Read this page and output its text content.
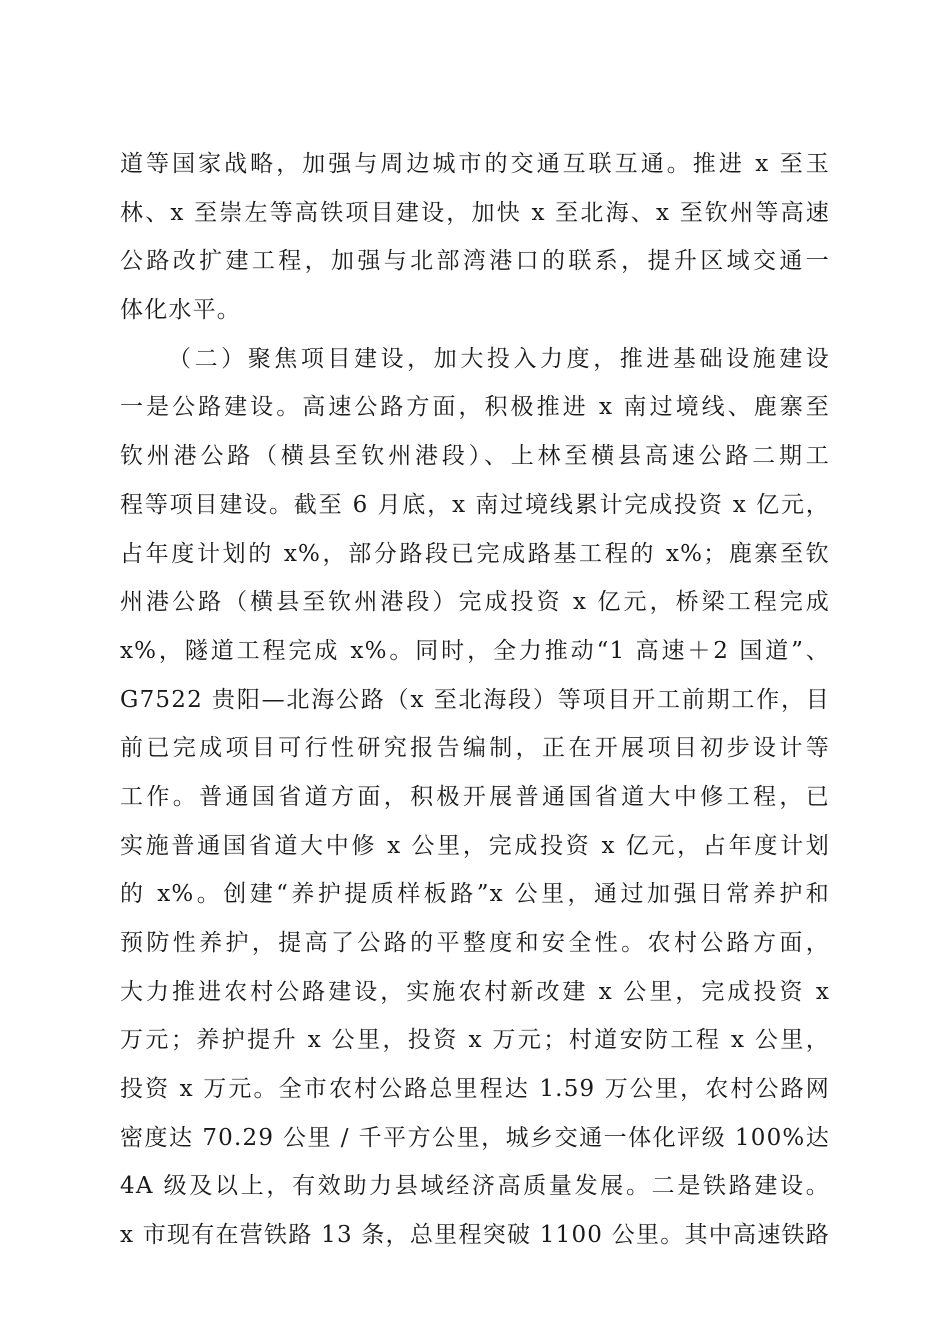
道等国家战略，加强与周边城市的交通互联互通。推进 x 至玉
林、x 至崇左等高铁项目建设，加快 x 至北海、x 至钦州等高速
公路改扩建工程，加强与北部湾港口的联系，提升区域交通一
体化水平。
（二）聚焦项目建设，加大投入力度，推进基础设施建设
一是公路建设。高速公路方面，积极推进 x 南过境线、鹿寨至
钦州港公路（横县至钦州港段）、上林至横县高速公路二期工
程等项目建设。截至 6 月底，x 南过境线累计完成投资 x 亿元，
占年度计划的 x%，部分路段已完成路基工程的 x%；鹿寨至钦
州港公路（横县至钦州港段）完成投资 x 亿元，桥梁工程完成
x%，隧道工程完成 x%。同时，全力推动“1 高速＋2 国道”、
G7522 贵阳—北海公路（x 至北海段）等项目开工前期工作，目
前已完成项目可行性研究报告编制，正在开展项目初步设计等
工作。普通国省道方面，积极开展普通国省道大中修工程，已
实施普通国省道大中修 x 公里，完成投资 x 亿元，占年度计划
的 x%。创建“养护提质样板路”x 公里，通过加强日常养护和
预防性养护，提高了公路的平整度和安全性。农村公路方面，
大力推进农村公路建设，实施农村新改建 x 公里，完成投资 x
万元；养护提升 x 公里，投资 x 万元；村道安防工程 x 公里，
投资 x 万元。全市农村公路总里程达 1.59 万公里，农村公路网
密度达 70.29 公里 / 千平方公里，城乡交通一体化评级 100%达
4A 级及以上，有效助力县域经济高质量发展。二是铁路建设。
x 市现有在营铁路 13 条，总里程突破 1100 公里。其中高速铁路
